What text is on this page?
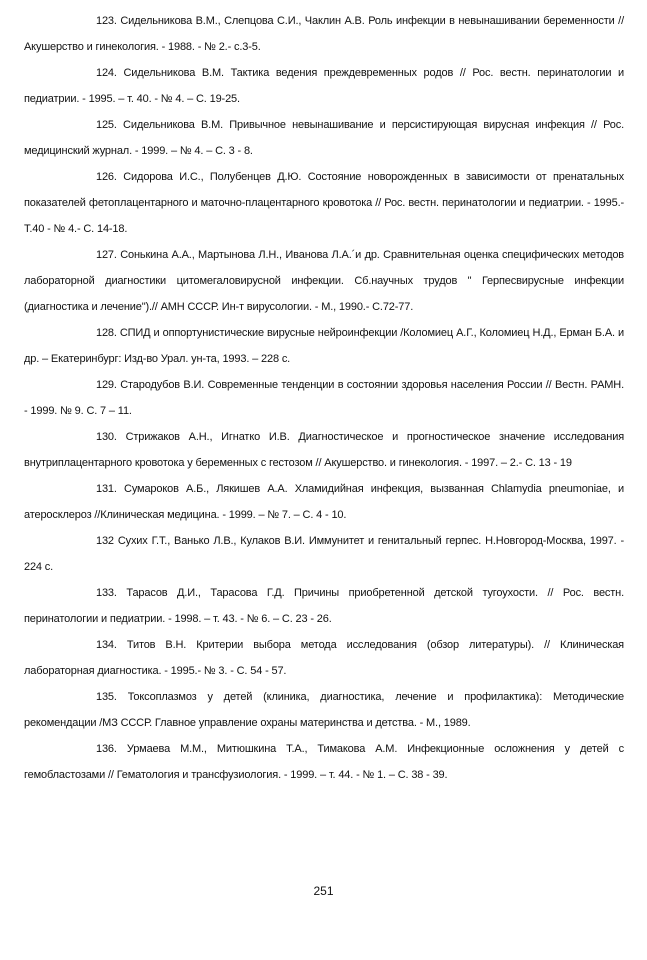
123. Сидельникова В.М., Слепцова С.И., Чаклин А.В. Роль инфекции в невынашивании беременности // Акушерство и гинекология. - 1988. - № 2.- с.3-5.

124. Сидельникова В.М. Тактика ведения преждевременных родов // Рос. вестн. перинатологии и педиатрии. - 1995. – т. 40. - № 4. – С. 19-25.

125. Сидельникова В.М. Привычное невынашивание и персистирующая вирусная инфекция // Рос. медицинский журнал. - 1999. – № 4. – С. 3 - 8.

126. Сидорова И.С., Полубенцев Д.Ю. Состояние новорожденных в зависимости от пренатальных показателей фетоплацентарного и маточно-плацентарного кровотока // Рос. вестн. перинатологии и педиатрии. - 1995.- Т.40 - № 4.- С. 14-18.

127. Сонькина А.А., Мартынова Л.Н., Иванова Л.А.´и др. Сравнительная оценка специфических методов лабораторной диагностики цитомегаловирусной инфекции. Сб.научных трудов " Герпесвирусные инфекции (диагностика и лечение").// АМН СССР. Ин-т вирусологии. - М., 1990.- С.72-77.

128. СПИД и оппортунистические вирусные нейроинфекции /Коломиец А.Г., Коломиец Н.Д., Ерман Б.А. и др. – Екатеринбург: Изд-во Урал. ун-та, 1993. – 228 с.

129. Стародубов В.И. Современные тенденции в состоянии здоровья населения России // Вестн. РАМН. - 1999. № 9. С. 7 – 11.

130. Стрижаков А.Н., Игнатко И.В. Диагностическое и прогностическое значение исследования внутриплацентарного кровотока у беременных с гестозом // Акушерство. и гинекология. - 1997. – 2.- С. 13 - 19

131. Сумароков А.Б., Лякишев А.А. Хламидийная инфекция, вызванная Chlamydia pneumoniae, и атеросклероз //Клиническая медицина. - 1999. – № 7. – С. 4 - 10.

132 Сухих Г.Т., Ванько Л.В., Кулаков В.И. Иммунитет и генитальный герпес. Н.Новгород-Москва, 1997. - 224 с.

133. Тарасов Д.И., Тарасова Г.Д. Причины приобретенной детской тугоухости. // Рос. вестн. перинатологии и педиатрии. - 1998. – т. 43. - № 6. – С. 23 - 26.

134. Титов В.Н. Критерии выбора метода исследования (обзор литературы). // Клиническая лабораторная диагностика. - 1995.- № 3. - С. 54 - 57.

135. Токсоплазмоз у детей (клиника, диагностика, лечение и профилактика): Методические рекомендации /МЗ СССР. Главное управление охраны материнства и детства. - М., 1989.

136. Урмаева М.М., Митюшкина Т.А., Тимакова А.М. Инфекционные осложнения у детей с гемобластозами // Гематология и трансфузиология. - 1999. – т. 44. - № 1. – С. 38 - 39.

251
